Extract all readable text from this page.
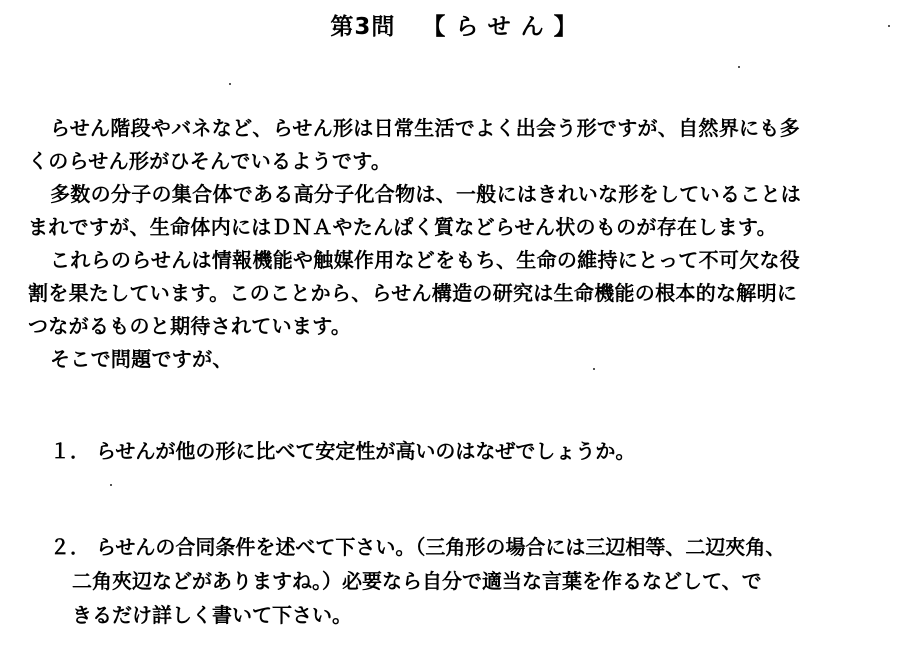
第3問 【らせん】
らせん階段やバネなど、らせん形は日常生活でよく出会う形ですが、自然界にも多
くのらせん形がひそんでいるようです。
多数の分子の集合体である高分子化合物は、一般にはきれいな形をしていることは
まれですが、生命体内にはＤＮＡやたんぱく質などらせん状のものが存在します。
これらのらせんは情報機能や触媒作用などをもち、生命の維持にとって不可欠な役
割を果たしています。このことから、らせん構造の研究は生命機能の根本的な解明に
つながるものと期待されています。
そこで問題ですが、
１． らせんが他の形に比べて安定性が高いのはなぜでしょうか。
２． らせんの合同条件を述べて下さい。（三角形の場合には三辺相等、二辺夾角、
二角夾辺などがありますね。）必要なら自分で適当な言葉を作るなどして、で
きるだけ詳しく書いて下さい。
